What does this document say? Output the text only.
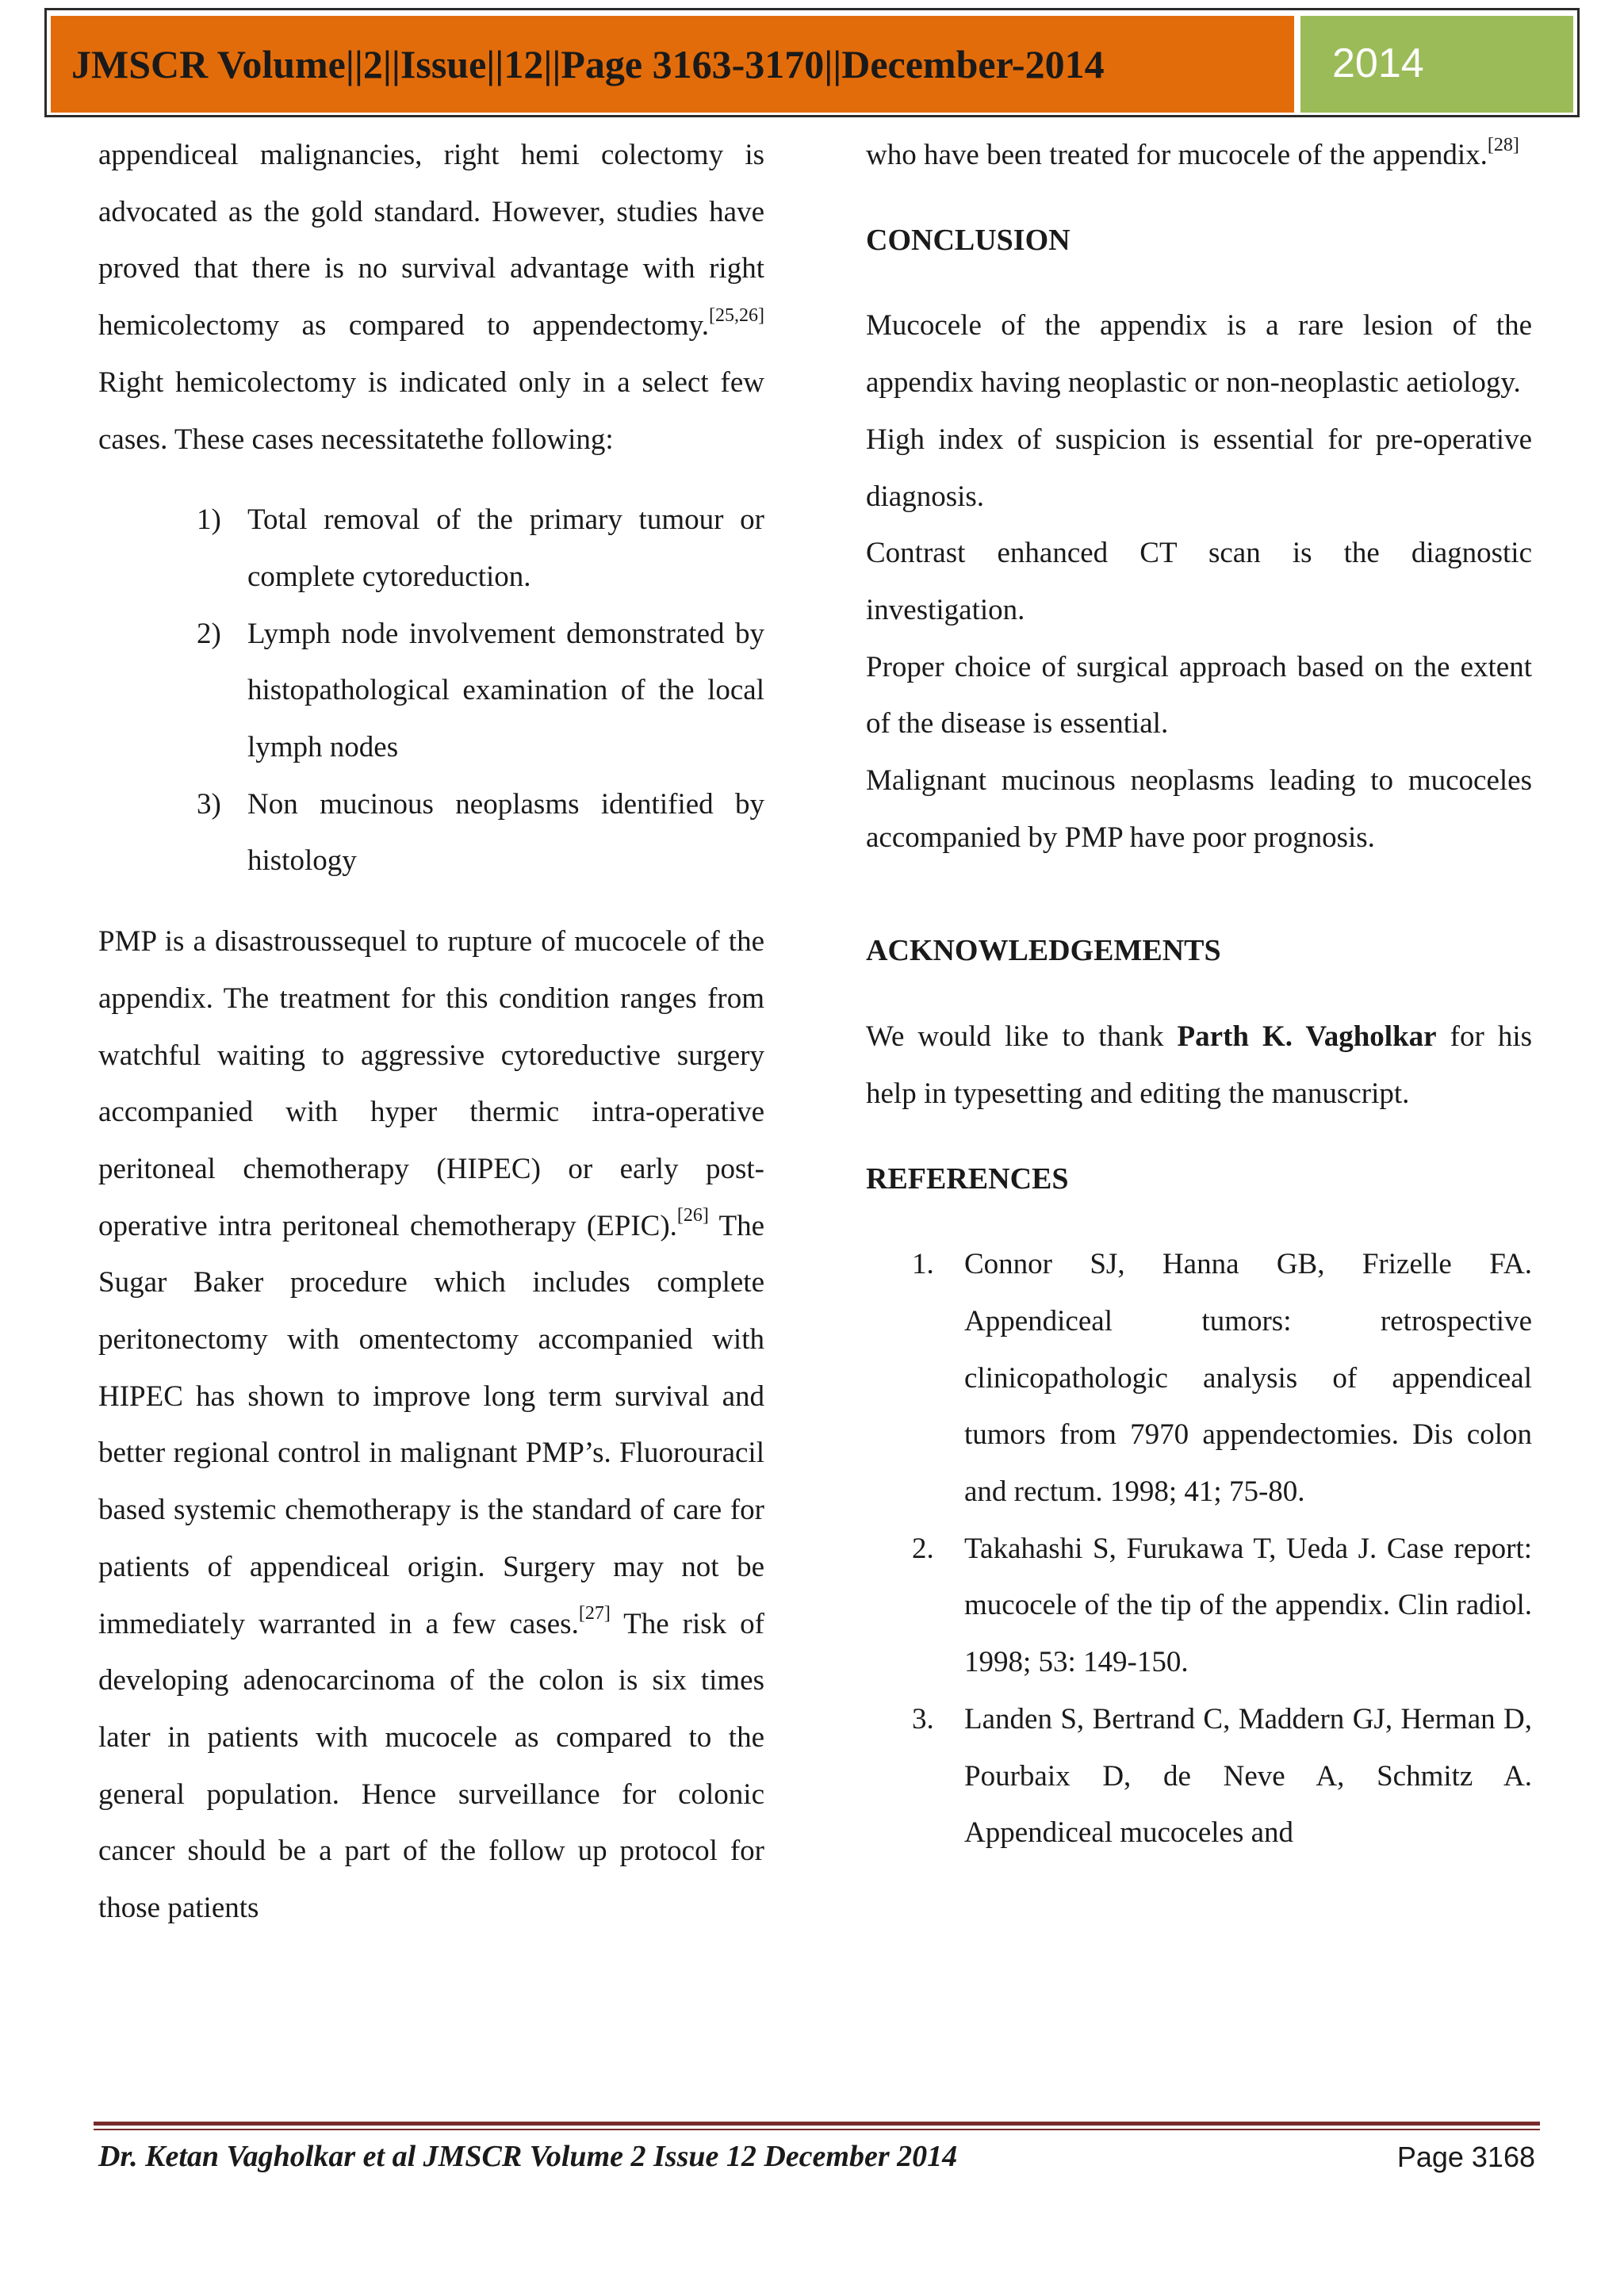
JMSCR Volume||2||Issue||12||Page 3163-3170||December-2014	2014

appendiceal malignancies, right hemi colectomy is advocated as the gold standard. However, studies have proved that there is no survival advantage with right hemicolectomy as compared to appendectomy.[25,26] Right hemicolectomy is indicated only in a select few cases. These cases necessitatethe following:

1) Total removal of the primary tumour or complete cytoreduction.
2) Lymph node involvement demonstrated by histopathological examination of the local lymph nodes
3) Non mucinous neoplasms identified by histology

PMP is a disastroussequel to rupture of mucocele of the appendix. The treatment for this condition ranges from watchful waiting to aggressive cytoreductive surgery accompanied with hyper thermic intra-operative peritoneal chemotherapy (HIPEC) or early post-operative intra peritoneal chemotherapy (EPIC).[26] The Sugar Baker procedure which includes complete peritonectomy with omentectomy accompanied with HIPEC has shown to improve long term survival and better regional control in malignant PMP’s. Fluorouracil based systemic chemotherapy is the standard of care for patients of appendiceal origin. Surgery may not be immediately warranted in a few cases.[27] The risk of developing adenocarcinoma of the colon is six times later in patients with mucocele as compared to the general population. Hence surveillance for colonic cancer should be a part of the follow up protocol for those patients

who have been treated for mucocele of the appendix.[28]

CONCLUSION

Mucocele of the appendix is a rare lesion of the appendix having neoplastic or non-neoplastic aetiology.

High index of suspicion is essential for pre-operative diagnosis.

Contrast enhanced CT scan is the diagnostic investigation.

Proper choice of surgical approach based on the extent of the disease is essential.

Malignant mucinous neoplasms leading to mucoceles accompanied by PMP have poor prognosis.

ACKNOWLEDGEMENTS

We would like to thank Parth K. Vagholkar for his help in typesetting and editing the manuscript.

REFERENCES

1. Connor SJ, Hanna GB, Frizelle FA. Appendiceal tumors: retrospective clinicopathologic analysis of appendiceal tumors from 7970 appendectomies. Dis colon and rectum. 1998; 41; 75-80.
2. Takahashi S, Furukawa T, Ueda J. Case report: mucocele of the tip of the appendix. Clin radiol. 1998; 53: 149-150.
3. Landen S, Bertrand C, Maddern GJ, Herman D, Pourbaix D, de Neve A, Schmitz A. Appendiceal mucoceles and
Dr. Ketan Vagholkar et al JMSCR Volume 2 Issue 12 December 2014	Page 3168
